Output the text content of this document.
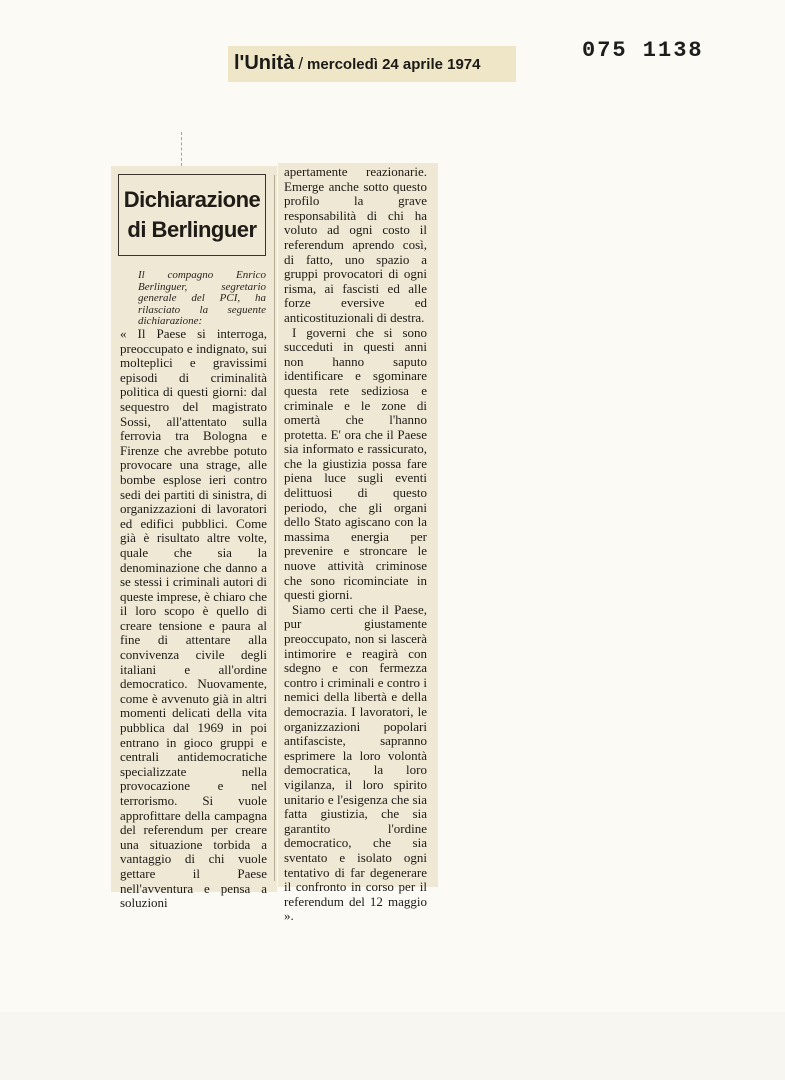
l'Unità / mercoledì 24 aprile 1974
075 1138
Dichiarazione
di Berlinguer
Il compagno Enrico Berlinguer, segretario generale del PCI, ha rilasciato la seguente dichiarazione:

« Il Paese si interroga, preoccupato e indignato, sui molteplici e gravissimi episodi di criminalità politica di questi giorni: dal sequestro del magistrato Sossi, all'attentato sulla ferrovia tra Bologna e Firenze che avrebbe potuto provocare una strage, alle bombe esplose ieri contro sedi dei partiti di sinistra, di organizzazioni di lavoratori ed edifici pubblici. Come già è risultato altre volte, quale che sia la denominazione che danno a se stessi i criminali autori di queste imprese, è chiaro che il loro scopo è quello di creare tensione e paura al fine di attentare alla convivenza civile degli italiani e all'ordine democratico. Nuovamente, come è avvenuto già in altri momenti delicati della vita pubblica dal 1969 in poi entrano in gioco gruppi e centrali antidemocratiche specializzate nella provocazione e nel terrorismo. Si vuole approfittare della campagna del referendum per creare una situazione torbida a vantaggio di chi vuole gettare il Paese nell'avventura e pensa a soluzioni

apertamente reazionarie. Emerge anche sotto questo profilo la grave responsabilità di chi ha voluto ad ogni costo il referendum aprendo così, di fatto, uno spazio a gruppi provocatori di ogni risma, ai fascisti ed alle forze eversive ed anticostituzionali di destra.

I governi che si sono succeduti in questi anni non hanno saputo identificare e sgominare questa rete sediziosa e criminale e le zone di omertà che l'hanno protetta. E' ora che il Paese sia informato e rassicurato, che la giustizia possa fare piena luce sugli eventi delittuosi di questo periodo, che gli organi dello Stato agiscano con la massima energia per prevenire e stroncare le nuove attività criminose che sono ricominciate in questi giorni.

Siamo certi che il Paese, pur giustamente preoccupato, non si lascerà intimorire e reagirà con sdegno e con fermezza contro i criminali e contro i nemici della libertà e della democrazia. I lavoratori, le organizzazioni popolari antifasciste, sapranno esprimere la loro volontà democratica, la loro vigilanza, il loro spirito unitario e l'esigenza che sia fatta giustizia, che sia garantito l'ordine democratico, che sia sventato e isolato ogni tentativo di far degenerare il confronto in corso per il referendum del 12 maggio ».
